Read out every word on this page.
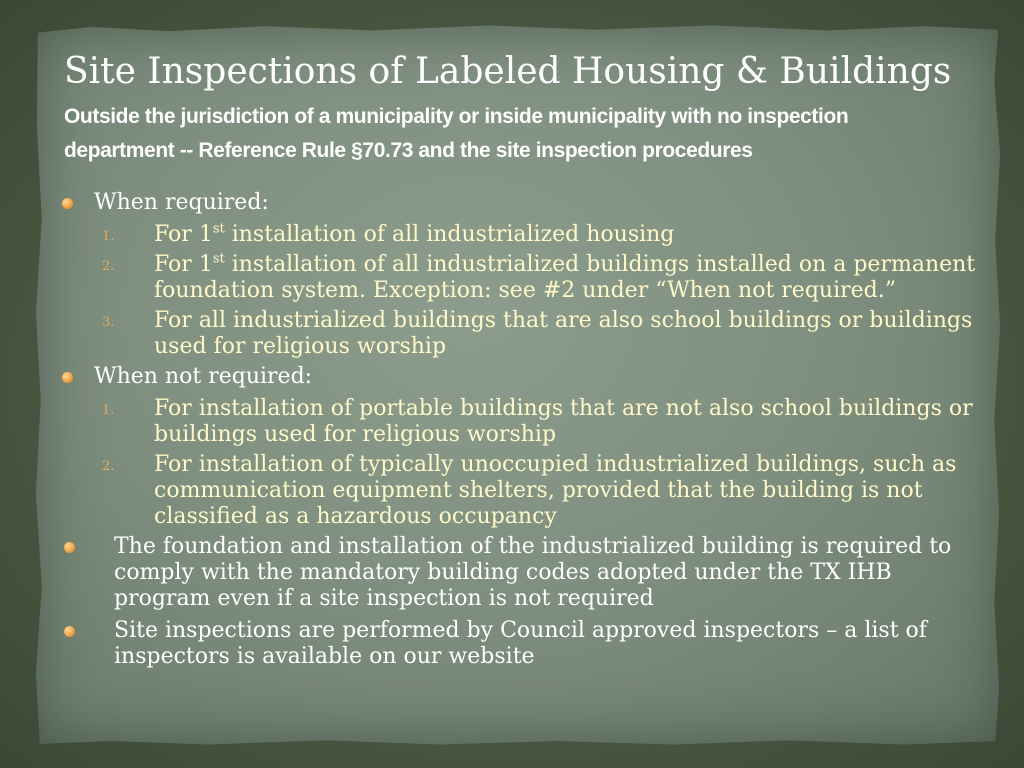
Site Inspections of Labeled Housing & Buildings

Outside the jurisdiction of a municipality or inside municipality with no inspection department -- Reference Rule §70.73 and the site inspection procedures

When required:
1. For 1st installation of all industrialized housing
2. For 1st installation of all industrialized buildings installed on a permanent foundation system. Exception: see #2 under “When not required.”
3. For all industrialized buildings that are also school buildings or buildings used for religious worship
When not required:
1. For installation of portable buildings that are not also school buildings or buildings used for religious worship
2. For installation of typically unoccupied industrialized buildings, such as communication equipment shelters, provided that the building is not classified as a hazardous occupancy
The foundation and installation of the industrialized building is required to comply with the mandatory building codes adopted under the TX IHB program even if a site inspection is not required
Site inspections are performed by Council approved inspectors – a list of inspectors is available on our website
